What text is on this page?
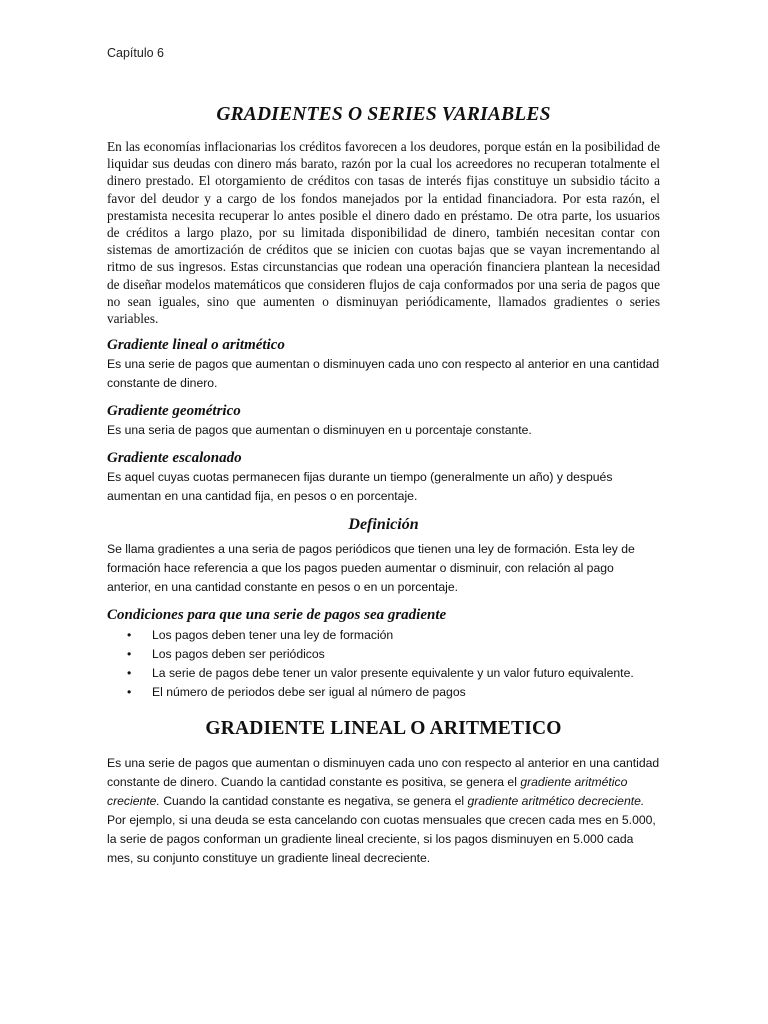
Capítulo 6
GRADIENTES O SERIES VARIABLES

En las economías inflacionarias los créditos favorecen a los deudores, porque están en la posibilidad de liquidar sus deudas con dinero más barato, razón por la cual los acreedores no recuperan totalmente el dinero prestado. El otorgamiento de créditos con tasas de interés fijas constituye un subsidio tácito a favor del deudor y a cargo de los fondos manejados por la entidad financiadora. Por esta razón, el prestamista necesita recuperar lo antes posible el dinero dado en préstamo. De otra parte, los usuarios de créditos a largo plazo, por su limitada disponibilidad de dinero, también necesitan contar con sistemas de amortización de créditos que se inicien con cuotas bajas que se vayan incrementando al ritmo de sus ingresos. Estas circunstancias que rodean una operación financiera plantean la necesidad de diseñar modelos matemáticos que consideren flujos de caja conformados por una seria de pagos que no sean iguales, sino que aumenten o disminuyan periódicamente, llamados gradientes o series variables.

Gradiente lineal o aritmético

Es una serie de pagos que aumentan o disminuyen cada uno con respecto al anterior en una cantidad constante de dinero.

Gradiente geométrico

Es una seria de pagos que aumentan o disminuyen en u porcentaje constante.

Gradiente escalonado

Es aquel cuyas cuotas permanecen fijas durante un tiempo (generalmente un año) y después aumentan en una cantidad fija, en pesos o en porcentaje.

Definición

Se llama gradientes a una seria de pagos periódicos que tienen una ley de formación. Esta ley de formación hace referencia a que los pagos pueden aumentar o disminuir, con relación al pago anterior, en una cantidad constante en pesos o en un porcentaje.

Condiciones para que una serie de pagos sea gradiente
• Los pagos deben tener una ley de formación
• Los pagos deben ser periódicos
• La serie de pagos debe tener un valor presente equivalente y un valor futuro equivalente.
• El número de periodos debe ser igual al número de pagos
GRADIENTE LINEAL O ARITMETICO

Es una serie de pagos que aumentan o disminuyen cada uno con respecto al anterior en una cantidad constante de dinero. Cuando la cantidad constante es positiva, se genera el gradiente aritmético creciente. Cuando la cantidad constante es negativa, se genera el gradiente aritmético decreciente. Por ejemplo, si una deuda se esta cancelando con cuotas mensuales que crecen cada mes en 5.000, la serie de pagos conforman un gradiente lineal creciente, si los pagos disminuyen en 5.000 cada mes, su conjunto constituye un gradiente lineal decreciente.
